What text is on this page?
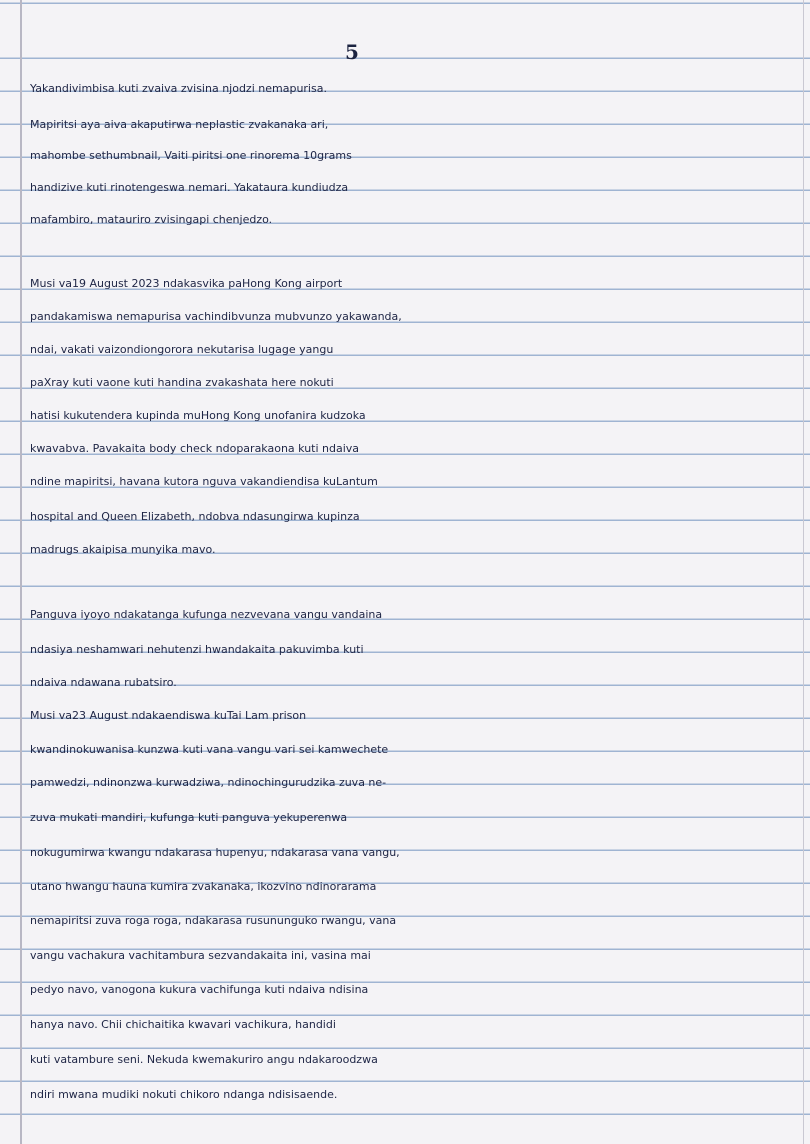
5
Yakandivimbisa kuti zvaiva zvisina njodzi nemapurisa.
Mapiritsi aya aiva akaputirwa neplastic zvakanaka ari,
mahombe sethumbnail, Vaiti piritsi one rinorema 10grams
handizive kuti rinotengeswa nemari. Yakataura kundiudza
mafambiro, matauriro zvisingapi chenjedzo.
Musi va19 August 2023 ndakasvika paHong Kong airport
pandakamiswa nemapurisa vachindibvunza mubvunzo yakawanda,
ndai, vakati vaizondiongorora nekutarisa lugage yangu
paXray kuti vaone kuti handina zvakashata here nokuti
hatisi kukutendera kupinda muHong Kong unofanira kudzoka
kwavabva. Pavakaita body check ndoparakaona kuti ndaiva
ndine mapiritsi, havana kutora nguva vakandiendisa kuLantum
hospital and Queen Elizabeth, ndobva ndasungirwa kupinza
madrugs akaipisa munyika mavo.
Panguva iyoyo ndakatanga kufunga nezvevana vangu vandaina
ndasiya neshamwari nehutenzi hwandakaita pakuvimba kuti
ndaiva ndawana rubatsiro.
Musi va23 August ndakaendiswa kuTai Lam prison
kwandinokuwanisa kunzwa kuti vana vangu vari sei kamwechete
pamwedzi, ndinonzwa kurwadziwa, ndinochingurudzika zuva ne-
zuva mukati mandiri, kufunga kuti panguva yekuperenwa
nokugumirwa kwangu ndakarasa hupenyu, ndakarasa vana vangu,
utano hwangu hauna kumira zvakanaka, ikozvino ndinorarama
nemapiritsi zuva roga roga, ndakarasa rusununguko rwangu, vana
vangu vachakura vachitambura sezvandakaita ini, vasina mai
pedyo navo, vanogona kukura vachifunga kuti ndaiva ndisina
hanya navo. Chii chichaitika kwavari vachikura, handidi
kuti vatambure seni. Nekuda kwemakuriro angu ndakaroodzwa
ndiri mwana mudiki nokuti chikoro ndanga ndisisaende.
